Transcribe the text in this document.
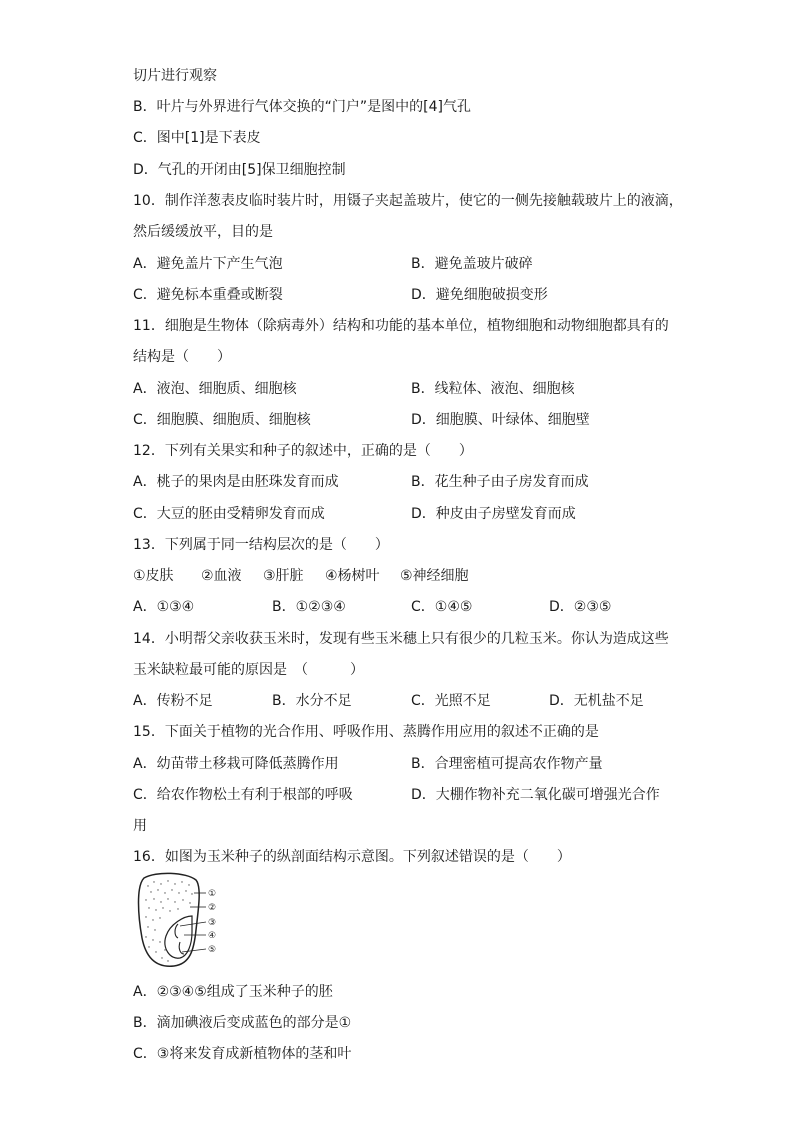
切片进行观察
B．叶片与外界进行气体交换的“门户”是图中的[4]气孔
C．图中[1]是下表皮
D．气孔的开闭由[5]保卫细胞控制
10．制作洋葱表皮临时装片时，用镊子夹起盖玻片，使它的一侧先接触载玻片上的液滴，
然后缓缓放平，目的是
A．避免盖片下产生气泡	B．避免盖玻片破碎
C．避免标本重叠或断裂	D．避免细胞破损变形
11．细胞是生物体（除病毒外）结构和功能的基本单位，植物细胞和动物细胞都具有的
结构是（　　）
A．液泡、细胞质、细胞核	B．线粒体、液泡、细胞核
C．细胞膜、细胞质、细胞核	D．细胞膜、叶绿体、细胞壁
12．下列有关果实和种子的叙述中，正确的是（　　）
A．桃子的果肉是由胚珠发育而成	B．花生种子由子房发育而成
C．大豆的胚由受精卵发育而成	D．种皮由子房壁发育而成
13．下列属于同一结构层次的是（　　）
①皮肤 ②血液 ③肝脏 ④杨树叶 ⑤神经细胞
A．①③④	B．①②③④	C．①④⑤	D．②③⑤
14．小明帮父亲收获玉米时，发现有些玉米穗上只有很少的几粒玉米。你认为造成这些
玉米缺粒最可能的原因是　（　　　）
A．传粉不足	B．水分不足	C．光照不足	D．无机盐不足
15．下面关于植物的光合作用、呼吸作用、蒸腾作用应用的叙述不正确的是
A．幼苗带土移栽可降低蒸腾作用	B．合理密植可提高农作物产量
C．给农作物松土有利于根部的呼吸	D．大棚作物补充二氧化碳可增强光合作
用
16．如图为玉米种子的纵剖面结构示意图。下列叙述错误的是（　　）
①
②
③
④
⑤
A．②③④⑤组成了玉米种子的胚
B．滴加碘液后变成蓝色的部分是①
C．③将来发育成新植物体的茎和叶
